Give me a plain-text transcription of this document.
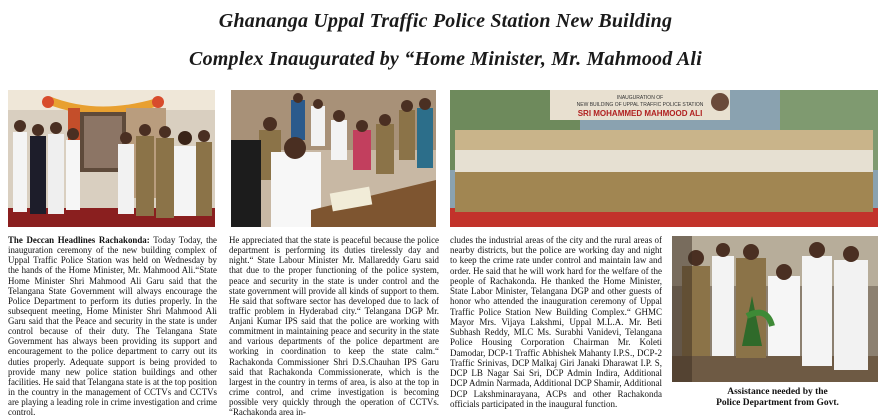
Ghananga Uppal Traffic Police Station New Building
Complex Inaugurated by “Home Minister, Mr. Mahmood Ali
INAUGURATION OF
NEW BUILDING OF UPPAL TRAFFIC POLICE STATION
SRI MOHAMMED MAHMOOD ALI

The Deccan Headlines Rachakonda: Today Today, the inauguration ceremony of the new building complex of Uppal Traffic Police Station was held on Wednesday by the hands of the Home Minister, Mr. Mahmood Ali.“State Home Minister Shri Mahmood Ali Garu said that the Telangana State Government will always encourage the Police Department to perform its duties properly. In the subsequent meeting, Home Minister Shri Mahmood Ali Garu said that the Peace and security in the state is under control because of their duty. The Telangana State Government has always been providing its support and encouragement to the police department to carry out its duties properly. Adequate support is being provided to provide many new police station buildings and other facilities. He said that Telangana state is at the top position in the country in the management of CCTVs and CCTVs are playing a leading role in crime investigation and crime control.

He appreciated that the state is peaceful because the police department is performing its duties tirelessly day and night.“ State Labour Minister Mr. Mallareddy Garu said that due to the proper functioning of the police system, peace and security in the state is under control and the state government will provide all kinds of support to them. He said that software sector has developed due to lack of traffic problem in Hyderabad city.“ Telangana DGP Mr. Anjani Kumar IPS said that the police are working with commitment in maintaining peace and security in the state and various departments of the police department are working in coordination to keep the state calm.“ Rachakonda Commissioner Shri D.S.Chauhan IPS Garu said that Rachakonda Commissionerate, which is the largest in the country in terms of area, is also at the top in crime control, and crime investigation is becoming possible very quickly through the operation of CCTVs. “Rachakonda area in-

cludes the industrial areas of the city and the rural areas of nearby districts, but the police are working day and night to keep the crime rate under control and maintain law and order. He said that he will work hard for the welfare of the people of Rachakonda. He thanked the Home Minister, State Labor Minister, Telangana DGP and other guests of honor who attended the inauguration ceremony of Uppal Traffic Police Station New Building Complex.“ GHMC Mayor Mrs. Vijaya Lakshmi, Uppal M.L.A. Mr. Beti Subhash Reddy, MLC Ms. Surabhi Vanidevi, Telangana Police Housing Corporation Chairman Mr. Koleti Damodar, DCP-1 Traffic Abhishek Mahanty I.P.S., DCP-2 Traffic Srinivas, DCP Malkaj Giri Janaki Dharawat I.P. S, DCP LB Nagar Sai Sri, DCP Admin Indira, Additional DCP Admin Narmada, Additional DCP Shamir, Additional DCP Lakshminarayana, ACPs and other Rachakonda officials participated in the inaugural function.

Assistance needed by the
Police Department from Govt.
